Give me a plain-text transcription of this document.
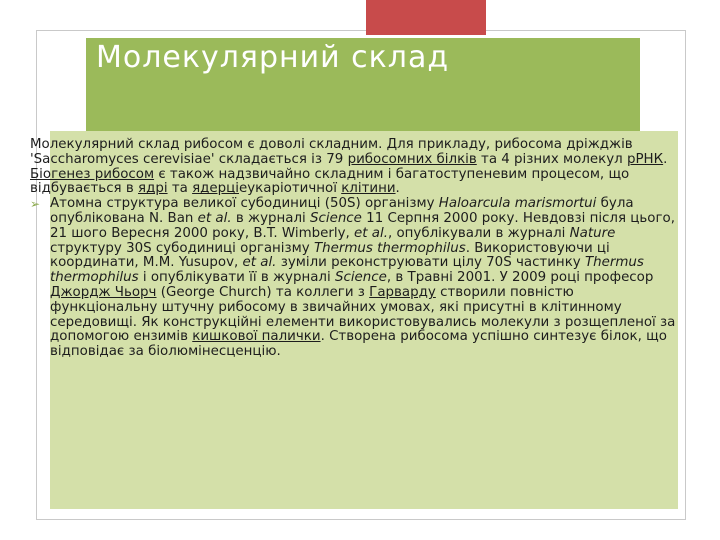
Молекулярний склад

Молекулярний склад рибосом є доволі складним. Для прикладу, рибосома дріжджів 'Saccharomyces cerevisiae' складається із 79 рибосомних білків та 4 різних молекул рРНК. Біогенез рибосом є також надзвичайно складним і багатоступеневим процесом, що відбувається в ядрі та ядерціеукаріотичної клітини.

➢ Атомна структура великої субодиниці (50S) організму Haloarcula marismortui була опублікована N. Ban et al. в журналі Science 11 Серпня 2000 року. Невдовзі після цього, 21 шого Вересня 2000 року, B.T. Wimberly, et al., опублікували в журналі Nature структуру 30S субодиниці організму Thermus thermophilus. Використовуючи ці координати, M.M. Yusupov, et al. зуміли реконструювати цілу 70S частинку Thermus thermophilus і опублікувати її в журналі Science, в Травні 2001. У 2009 році професор Джордж Чьорч (George Church) та коллеги з Гарварду створили повністю функціональну штучну рибосому в звичайних умовах, які присутні в клітинному середовищі. Як конструкційні елементи використовувались молекули з розщепленої за допомогою ензимів кишкової палички. Створена рибосома успішно синтезує білок, що відповідає за біолюмінесценцію.
